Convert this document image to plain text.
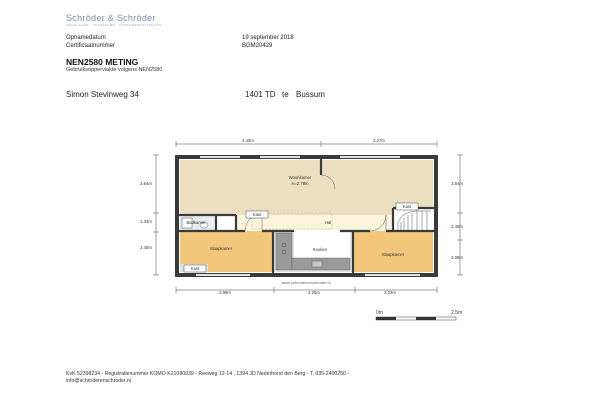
Schröder & Schröder
MAKELAARS · TAXATEURS · VASTGOEDADVISEURS
Opnamedatum	19 september 2018
Certificaatnummer	BGM20429
NEN2580 METING
Gebruiksoppervlakte volgens NEN2580
Simon Stevinweg 34	1401 TD te Bussum
Woonkamer
H=2.78m
Badkamer
Kast
Kast
Kast
Hal
Slaapkamer	Keuken
Slaapkamer
4.40m	3.27m
3.64m
1.33m
2.40m
3.64m
2.49m
2.08m
3.96m	2.25m	2.23m
www.schroderenschroder.nl
0m	2.5m
KvK 52398234 - Registratienummer KOMO K21080939 - Reeweg 12-14 , 1394 JD Nederhorst den Berg - T. 035-2400250 -
info@schroderenschroder.nl
